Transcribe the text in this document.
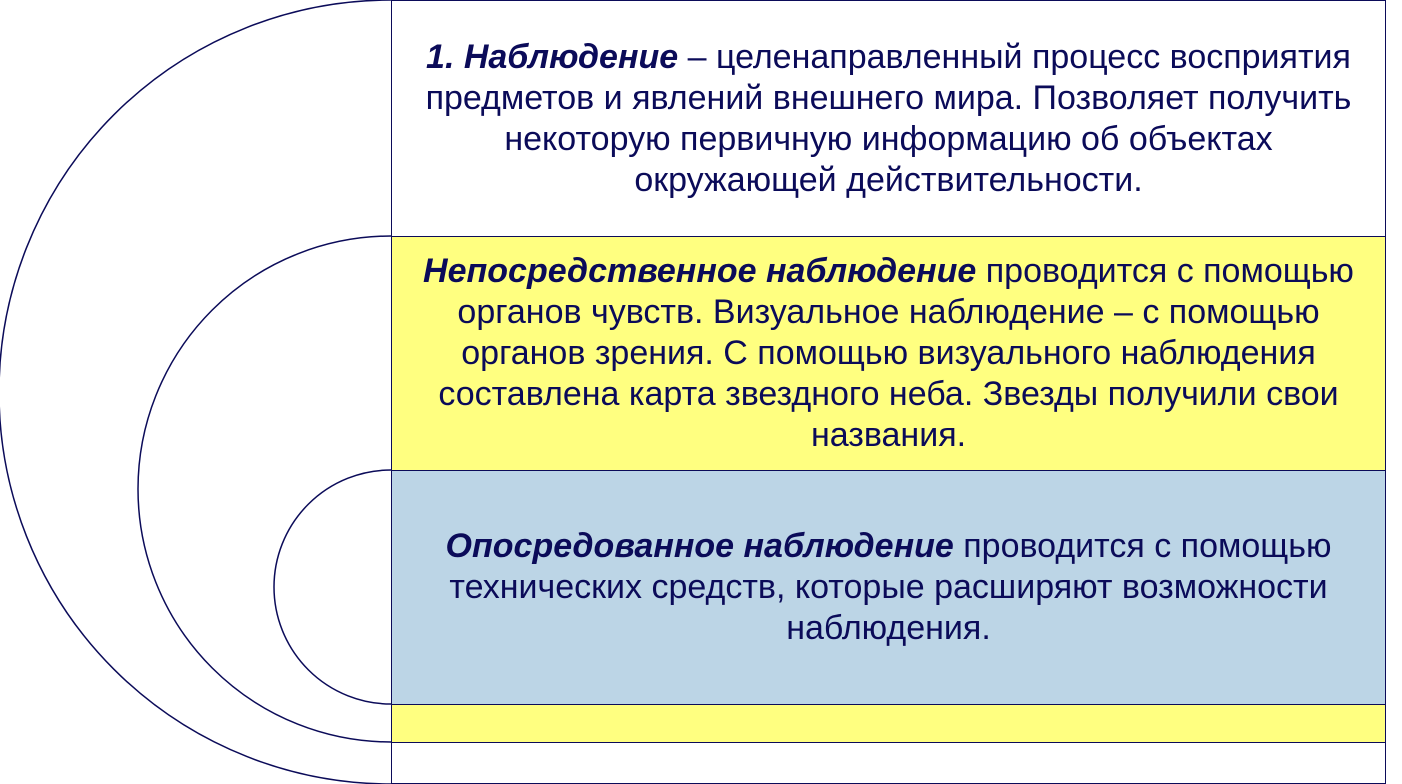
1. Наблюдение – целенаправленный процесс восприятия предметов и явлений внешнего мира. Позволяет получить некоторую первичную информацию об объектах окружающей действительности.

Непосредственное наблюдение проводится с помощью органов чувств. Визуальное наблюдение – с помощью органов зрения. С помощью визуального наблюдения составлена карта звездного неба. Звезды получили свои названия.

Опосредованное наблюдение проводится с помощью технических средств, которые расширяют возможности наблюдения.
